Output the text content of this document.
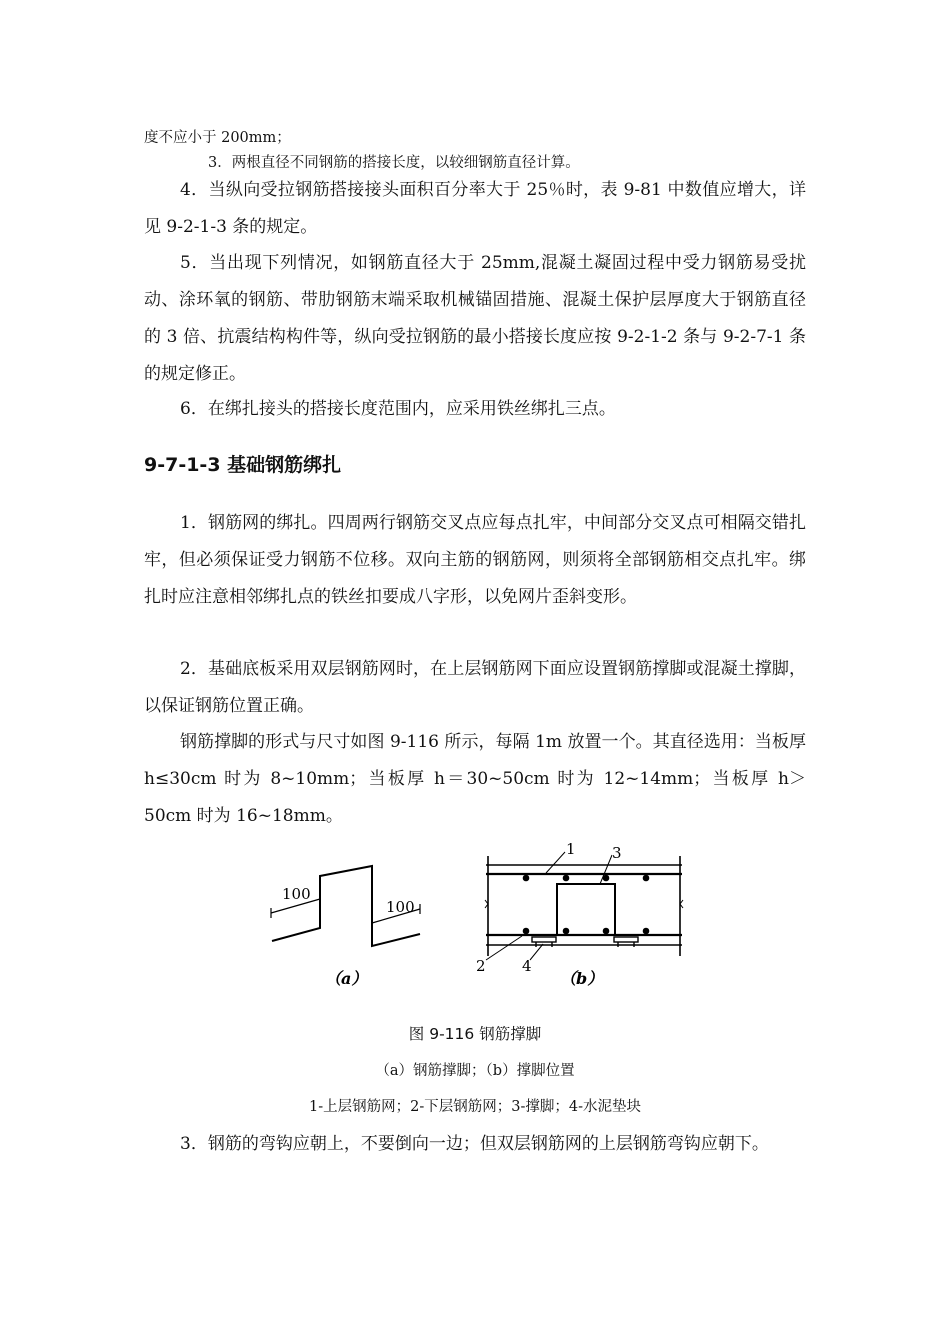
度不应小于 200mm；
3．两根直径不同钢筋的搭接长度，以较细钢筋直径计算。

4．当纵向受拉钢筋搭接接头面积百分率大于 25％时，表 9-81 中数值应增大，详见 9-2-1-3 条的规定。

5．当出现下列情况，如钢筋直径大于 25mm,混凝土凝固过程中受力钢筋易受扰动、涂环氧的钢筋、带肋钢筋末端采取机械锚固措施、混凝土保护层厚度大于钢筋直径的 3 倍、抗震结构构件等，纵向受拉钢筋的最小搭接长度应按 9-2-1-2 条与 9-2-7-1 条的规定修正。

6．在绑扎接头的搭接长度范围内，应采用铁丝绑扎三点。

9-7-1-3 基础钢筋绑扎

1．钢筋网的绑扎。四周两行钢筋交叉点应每点扎牢，中间部分交叉点可相隔交错扎牢，但必须保证受力钢筋不位移。双向主筋的钢筋网，则须将全部钢筋相交点扎牢。绑扎时应注意相邻绑扎点的铁丝扣要成八字形，以免网片歪斜变形。

2．基础底板采用双层钢筋网时，在上层钢筋网下面应设置钢筋撑脚或混凝土撑脚，以保证钢筋位置正确。

钢筋撑脚的形式与尺寸如图 9-116 所示，每隔 1m 放置一个。其直径选用：当板厚 h≤30cm 时为 8~10mm；当板厚 h＝30~50cm 时为 12~14mm；当板厚 h＞50cm 时为 16~18mm。

100
100
（a）
1 3
2 4
（b）
图 9-116 钢筋撑脚
（a）钢筋撑脚；（b）撑脚位置
1-上层钢筋网；2-下层钢筋网；3-撑脚；4-水泥垫块

3．钢筋的弯钩应朝上，不要倒向一边；但双层钢筋网的上层钢筋弯钩应朝下。
